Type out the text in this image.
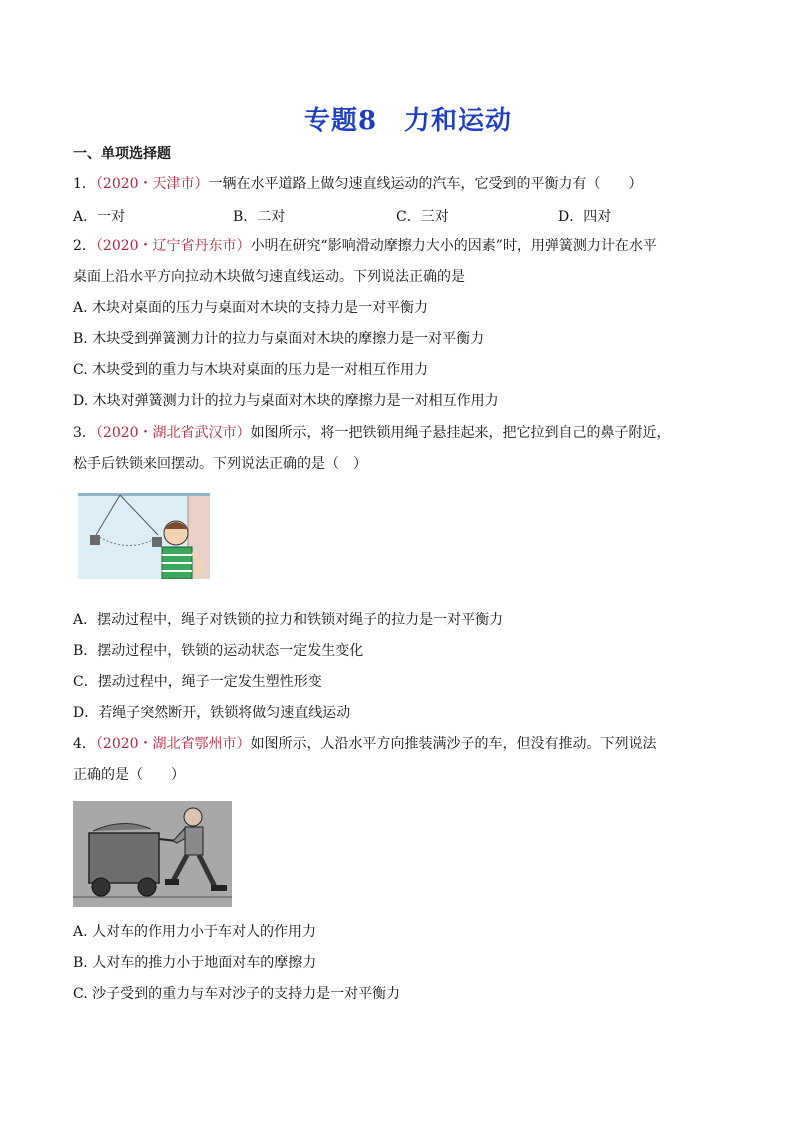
专题8　力和运动
一、单项选择题
1．（2020・天津市）一辆在水平道路上做匀速直线运动的汽车，它受到的平衡力有（　　）
A．一对	B．二对	C．三对	D．四对
2．（2020・辽宁省丹东市）小明在研究“影响滑动摩擦力大小的因素”时，用弹簧测力计在水平
桌面上沿水平方向拉动木块做匀速直线运动。下列说法正确的是
A. 木块对桌面的压力与桌面对木块的支持力是一对平衡力
B. 木块受到弹簧测力计的拉力与桌面对木块的摩擦力是一对平衡力
C. 木块受到的重力与木块对桌面的压力是一对相互作用力
D. 木块对弹簧测力计的拉力与桌面对木块的摩擦力是一对相互作用力
3．（2020・湖北省武汉市）如图所示，将一把铁锁用绳子悬挂起来，把它拉到自己的鼻子附近，
松手后铁锁来回摆动。下列说法正确的是（　）
A．摆动过程中，绳子对铁锁的拉力和铁锁对绳子的拉力是一对平衡力
B．摆动过程中，铁锁的运动状态一定发生变化
C．摆动过程中，绳子一定发生塑性形变
D．若绳子突然断开，铁锁将做匀速直线运动
4．（2020・湖北省鄂州市）如图所示，人沿水平方向推装满沙子的车，但没有推动。下列说法
正确的是（　　）
A. 人对车的作用力小于车对人的作用力
B. 人对车的推力小于地面对车的摩擦力
C. 沙子受到的重力与车对沙子的支持力是一对平衡力
